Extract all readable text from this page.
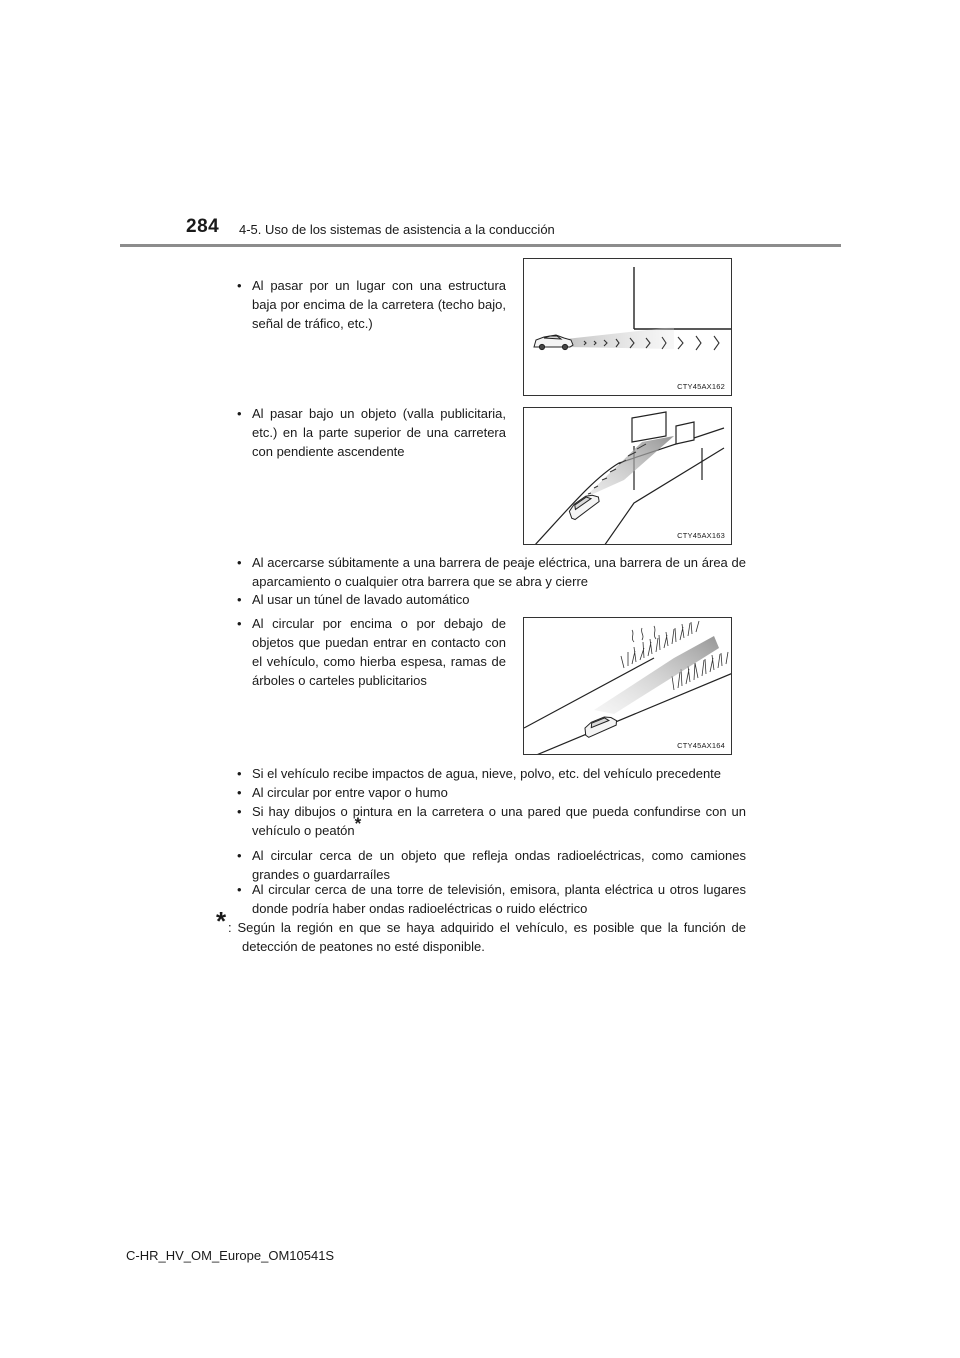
284 4-5. Uso de los sistemas de asistencia a la conducción
• Al pasar por un lugar con una estructura baja por encima de la carretera (techo bajo, señal de tráfico, etc.)
CTY45AX162
• Al pasar bajo un objeto (valla publicitaria, etc.) en la parte superior de una carretera con pendiente ascendente
CTY45AX163
• Al acercarse súbitamente a una barrera de peaje eléctrica, una barrera de un área de aparcamiento o cualquier otra barrera que se abra y cierre
• Al usar un túnel de lavado automático
• Al circular por encima o por debajo de objetos que puedan entrar en contacto con el vehículo, como hierba espesa, ramas de árboles o carteles publicitarios
CTY45AX164
• Si el vehículo recibe impactos de agua, nieve, polvo, etc. del vehículo precedente
• Al circular por entre vapor o humo
• Si hay dibujos o pintura en la carretera o una pared que pueda confundirse con un vehículo o peatón*
• Al circular cerca de un objeto que refleja ondas radioeléctricas, como camiones grandes o guardarraíles
• Al circular cerca de una torre de televisión, emisora, planta eléctrica u otros lugares donde podría haber ondas radioeléctricas o ruido eléctrico
* : Según la región en que se haya adquirido el vehículo, es posible que la función de detección de peatones no esté disponible.
C-HR_HV_OM_Europe_OM10541S
